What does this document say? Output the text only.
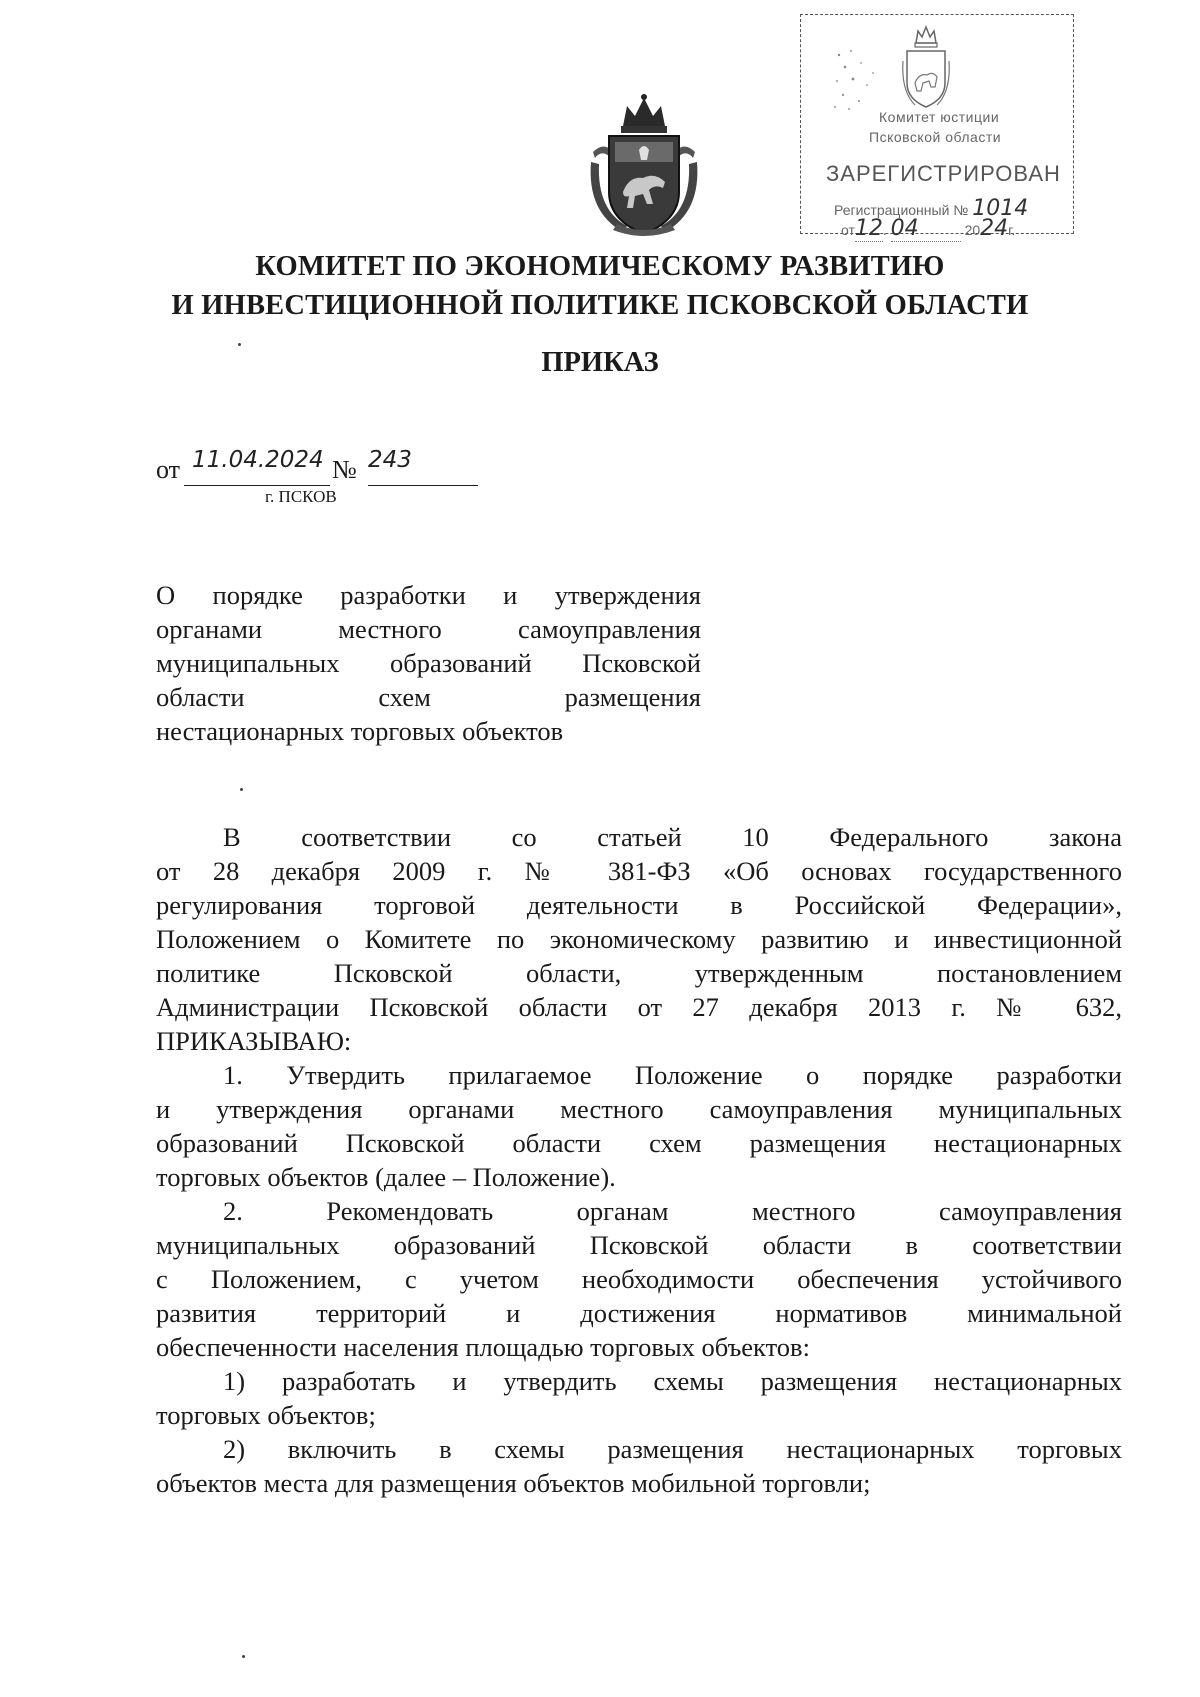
Комитет юстиции
Псковской области
ЗАРЕГИСТРИРОВАН
Регистрационный № 1014
от12. 04	2024г.
КОМИТЕТ ПО ЭКОНОМИЧЕСКОМУ РАЗВИТИЮ
И ИНВЕСТИЦИОННОЙ ПОЛИТИКЕ ПСКОВСКОЙ ОБЛАСТИ
ПРИКАЗ
от 11.04.2024 № 243
г. ПСКОВ
О порядке разработки и утверждения
органами местного самоуправления
муниципальных образований Псковской
области схем размещения
нестационарных торговых объектов
В соответствии со статьей 10 Федерального закона
от 28 декабря 2009 г. № 381-ФЗ «Об основах государственного
регулирования торговой деятельности в Российской Федерации»,
Положением о Комитете по экономическому развитию и инвестиционной
политике Псковской области, утвержденным постановлением
Администрации Псковской области от 27 декабря 2013 г. № 632,
ПРИКАЗЫВАЮ:
1. Утвердить прилагаемое Положение о порядке разработки
и утверждения органами местного самоуправления муниципальных
образований Псковской области схем размещения нестационарных
торговых объектов (далее – Положение).
2. Рекомендовать органам местного самоуправления
муниципальных образований Псковской области в соответствии
с Положением, с учетом необходимости обеспечения устойчивого
развития территорий и достижения нормативов минимальной
обеспеченности населения площадью торговых объектов:
1) разработать и утвердить схемы размещения нестационарных
торговых объектов;
2) включить в схемы размещения нестационарных торговых
объектов места для размещения объектов мобильной торговли;
